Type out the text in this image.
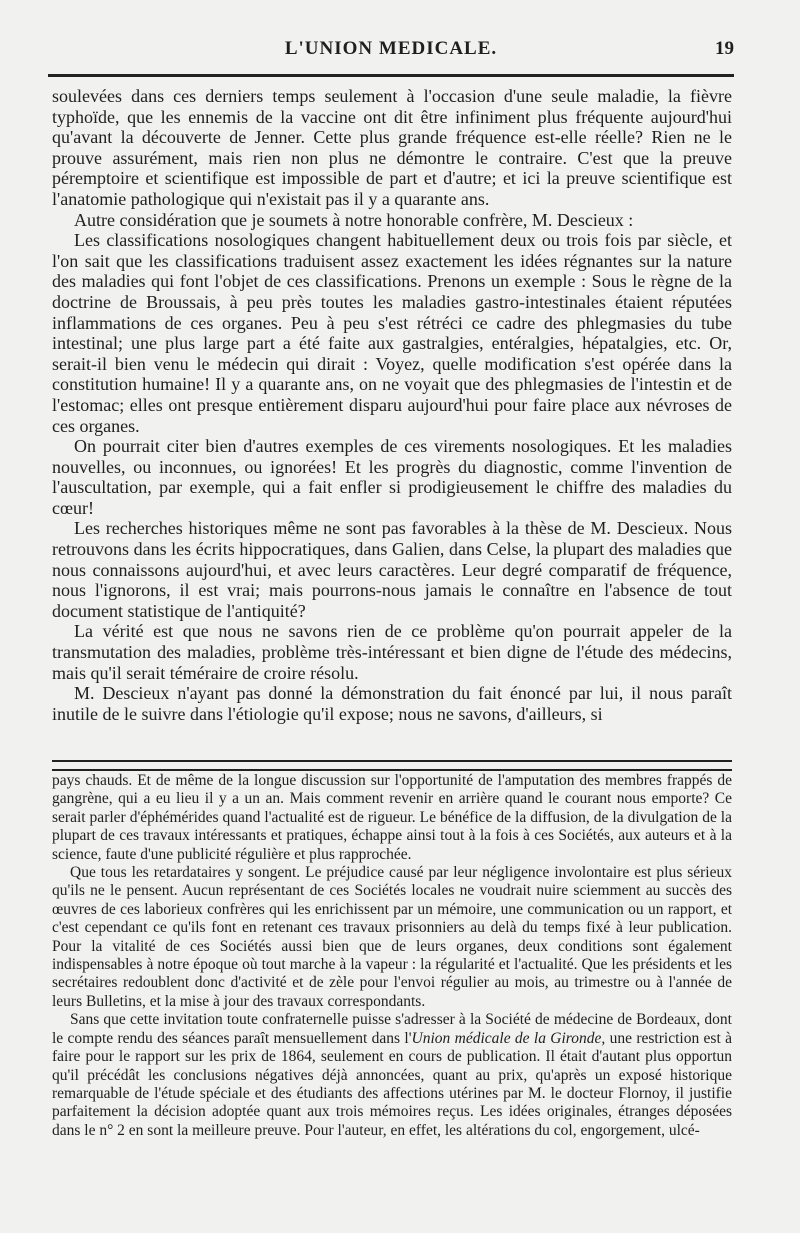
L'UNION MEDICALE.	19

soulevées dans ces derniers temps seulement à l'occasion d'une seule maladie, la fièvre typhoïde, que les ennemis de la vaccine ont dit être infiniment plus fréquente aujourd'hui qu'avant la découverte de Jenner. Cette plus grande fréquence est-elle réelle? Rien ne le prouve assurément, mais rien non plus ne démontre le contraire. C'est que la preuve péremptoire et scientifique est impossible de part et d'autre; et ici la preuve scientifique est l'anatomie pathologique qui n'existait pas il y a quarante ans.

Autre considération que je soumets à notre honorable confrère, M. Descieux :

Les classifications nosologiques changent habituellement deux ou trois fois par siècle, et l'on sait que les classifications traduisent assez exactement les idées régnantes sur la nature des maladies qui font l'objet de ces classifications. Prenons un exemple : Sous le règne de la doctrine de Broussais, à peu près toutes les maladies gastro-intestinales étaient réputées inflammations de ces organes. Peu à peu s'est rétréci ce cadre des phlegmasies du tube intestinal; une plus large part a été faite aux gastralgies, entéralgies, hépatalgies, etc. Or, serait-il bien venu le médecin qui dirait : Voyez, quelle modification s'est opérée dans la constitution humaine! Il y a quarante ans, on ne voyait que des phlegmasies de l'intestin et de l'estomac; elles ont presque entièrement disparu aujourd'hui pour faire place aux névroses de ces organes.

On pourrait citer bien d'autres exemples de ces virements nosologiques. Et les maladies nouvelles, ou inconnues, ou ignorées! Et les progrès du diagnostic, comme l'invention de l'auscultation, par exemple, qui a fait enfler si prodigieusement le chiffre des maladies du cœur!

Les recherches historiques même ne sont pas favorables à la thèse de M. Descieux. Nous retrouvons dans les écrits hippocratiques, dans Galien, dans Celse, la plupart des maladies que nous connaissons aujourd'hui, et avec leurs caractères. Leur degré comparatif de fréquence, nous l'ignorons, il est vrai; mais pourrons-nous jamais le connaître en l'absence de tout document statistique de l'antiquité?

La vérité est que nous ne savons rien de ce problème qu'on pourrait appeler de la transmutation des maladies, problème très-intéressant et bien digne de l'étude des médecins, mais qu'il serait téméraire de croire résolu.

M. Descieux n'ayant pas donné la démonstration du fait énoncé par lui, il nous paraît inutile de le suivre dans l'étiologie qu'il expose; nous ne savons, d'ailleurs, si

pays chauds. Et de même de la longue discussion sur l'opportunité de l'amputation des membres frappés de gangrène, qui a eu lieu il y a un an. Mais comment revenir en arrière quand le courant nous emporte? Ce serait parler d'éphémérides quand l'actualité est de rigueur. Le bénéfice de la diffusion, de la divulgation de la plupart de ces travaux intéressants et pratiques, échappe ainsi tout à la fois à ces Sociétés, aux auteurs et à la science, faute d'une publicité régulière et plus rapprochée.

Que tous les retardataires y songent. Le préjudice causé par leur négligence involontaire est plus sérieux qu'ils ne le pensent. Aucun représentant de ces Sociétés locales ne voudrait nuire sciemment au succès des œuvres de ces laborieux confrères qui les enrichissent par un mémoire, une communication ou un rapport, et c'est cependant ce qu'ils font en retenant ces travaux prisonniers au delà du temps fixé à leur publication. Pour la vitalité de ces Sociétés aussi bien que de leurs organes, deux conditions sont également indispensables à notre époque où tout marche à la vapeur : la régularité et l'actualité. Que les présidents et les secrétaires redoublent donc d'activité et de zèle pour l'envoi régulier au mois, au trimestre ou à l'année de leurs Bulletins, et la mise à jour des travaux correspondants.

Sans que cette invitation toute confraternelle puisse s'adresser à la Société de médecine de Bordeaux, dont le compte rendu des séances paraît mensuellement dans l'Union médicale de la Gironde, une restriction est à faire pour le rapport sur les prix de 1864, seulement en cours de publication. Il était d'autant plus opportun qu'il précédât les conclusions négatives déjà annoncées, quant au prix, qu'après un exposé historique remarquable de l'étude spéciale et des étudiants des affections utérines par M. le docteur Flornoy, il justifie parfaitement la décision adoptée quant aux trois mémoires reçus. Les idées originales, étranges déposées dans le n° 2 en sont la meilleure preuve. Pour l'auteur, en effet, les altérations du col, engorgement, ulcé-
